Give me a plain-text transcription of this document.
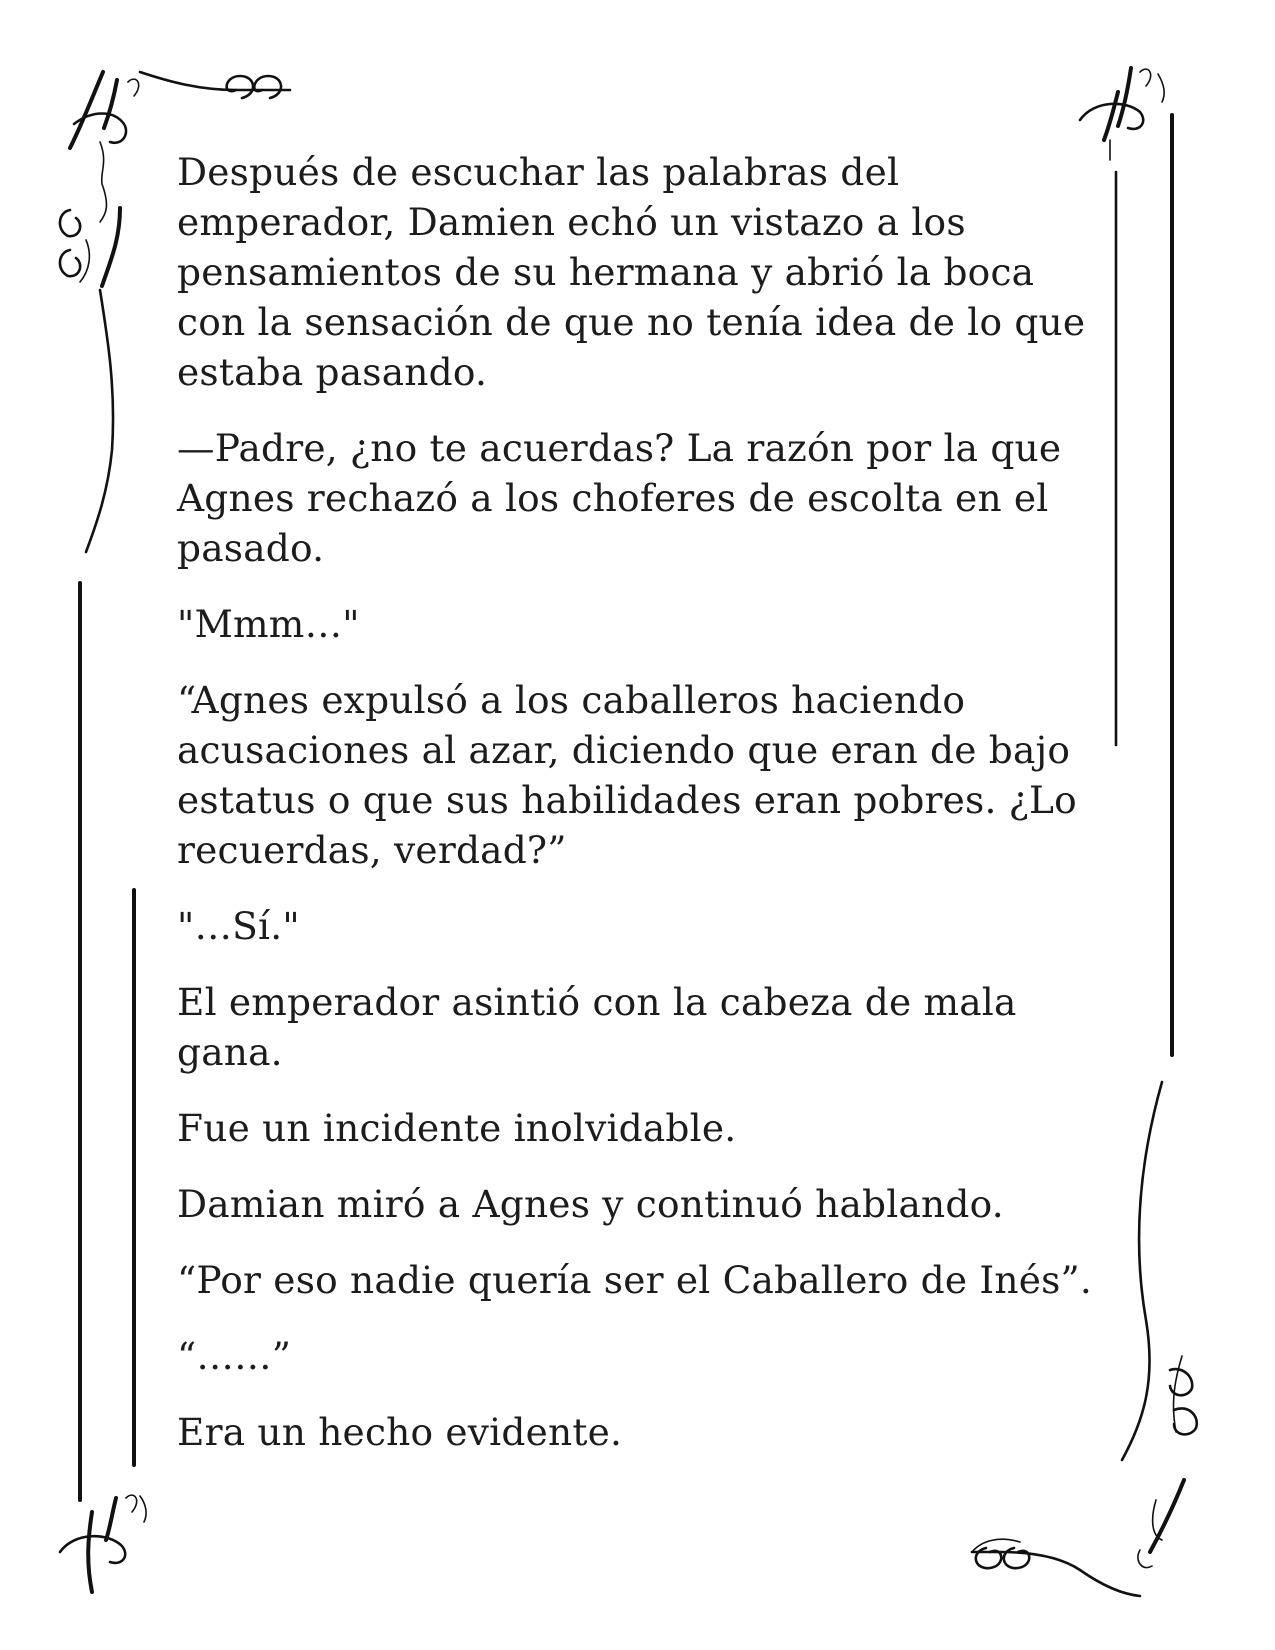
Después de escuchar las palabras del emperador, Damien echó un vistazo a los pensamientos de su hermana y abrió la boca con la sensación de que no tenía idea de lo que estaba pasando.

—Padre, ¿no te acuerdas? La razón por la que Agnes rechazó a los choferes de escolta en el pasado.

"Mmm…"

“Agnes expulsó a los caballeros haciendo acusaciones al azar, diciendo que eran de bajo estatus o que sus habilidades eran pobres. ¿Lo recuerdas, verdad?”

"…Sí."

El emperador asintió con la cabeza de mala gana.

Fue un incidente inolvidable.

Damian miró a Agnes y continuó hablando.

“Por eso nadie quería ser el Caballero de Inés”.

“……”

Era un hecho evidente.
